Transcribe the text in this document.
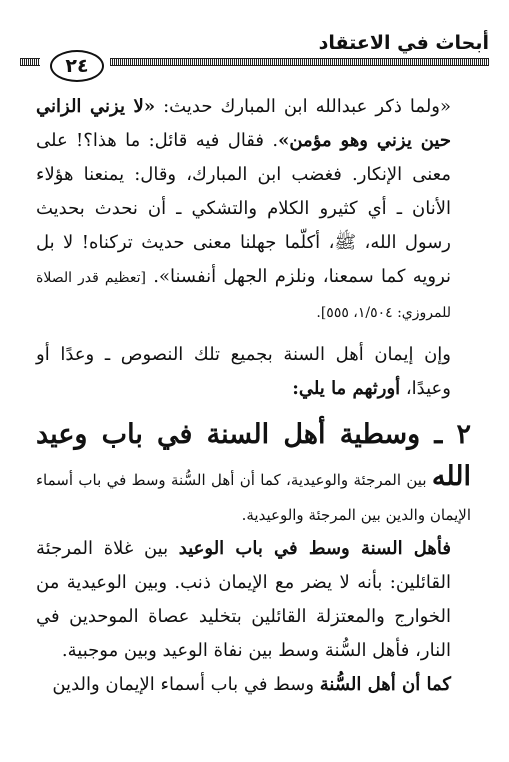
أبحاث في الاعتقاد
٢٤

«ولما ذكر عبدالله ابن المبارك حديث: «لا يزني الزاني حين يزني وهو مؤمن». فقال فيه قائل: ما هذا؟! على معنى الإنكار. فغضب ابن المبارك، وقال: يمنعنا هؤلاء الأنان ـ أي كثيرو الكلام والتشكي ـ أن نحدث بحديث رسول الله، ﷺ، أكلّما جهلنا معنى حديث تركناه! لا بل نرويه كما سمعنا، ونلزم الجهل أنفسنا». [تعظيم قدر الصلاة للمروزي: ١/٥٠٤، ٥٥٥].

وإن إيمان أهل السنة بجميع تلك النصوص ـ وعدًا أو وعيدًا، أورثهم ما يلي:

٢ ـ وسطية أهل السنة في باب وعيد الله بين المرجئة والوعيدية، كما أن أهل السُّنة وسط في باب أسماء الإيمان والدين بين المرجئة والوعيدية.

فأهل السنة وسط في باب الوعيد بين غلاة المرجئة القائلين: بأنه لا يضر مع الإيمان ذنب. وبين الوعيدية من الخوارج والمعتزلة القائلين بتخليد عصاة الموحدين في النار، فأهل السُّنة وسط بين نفاة الوعيد وبين موجبية.

كما أن أهل السُّنة وسط في باب أسماء الإيمان والدين
